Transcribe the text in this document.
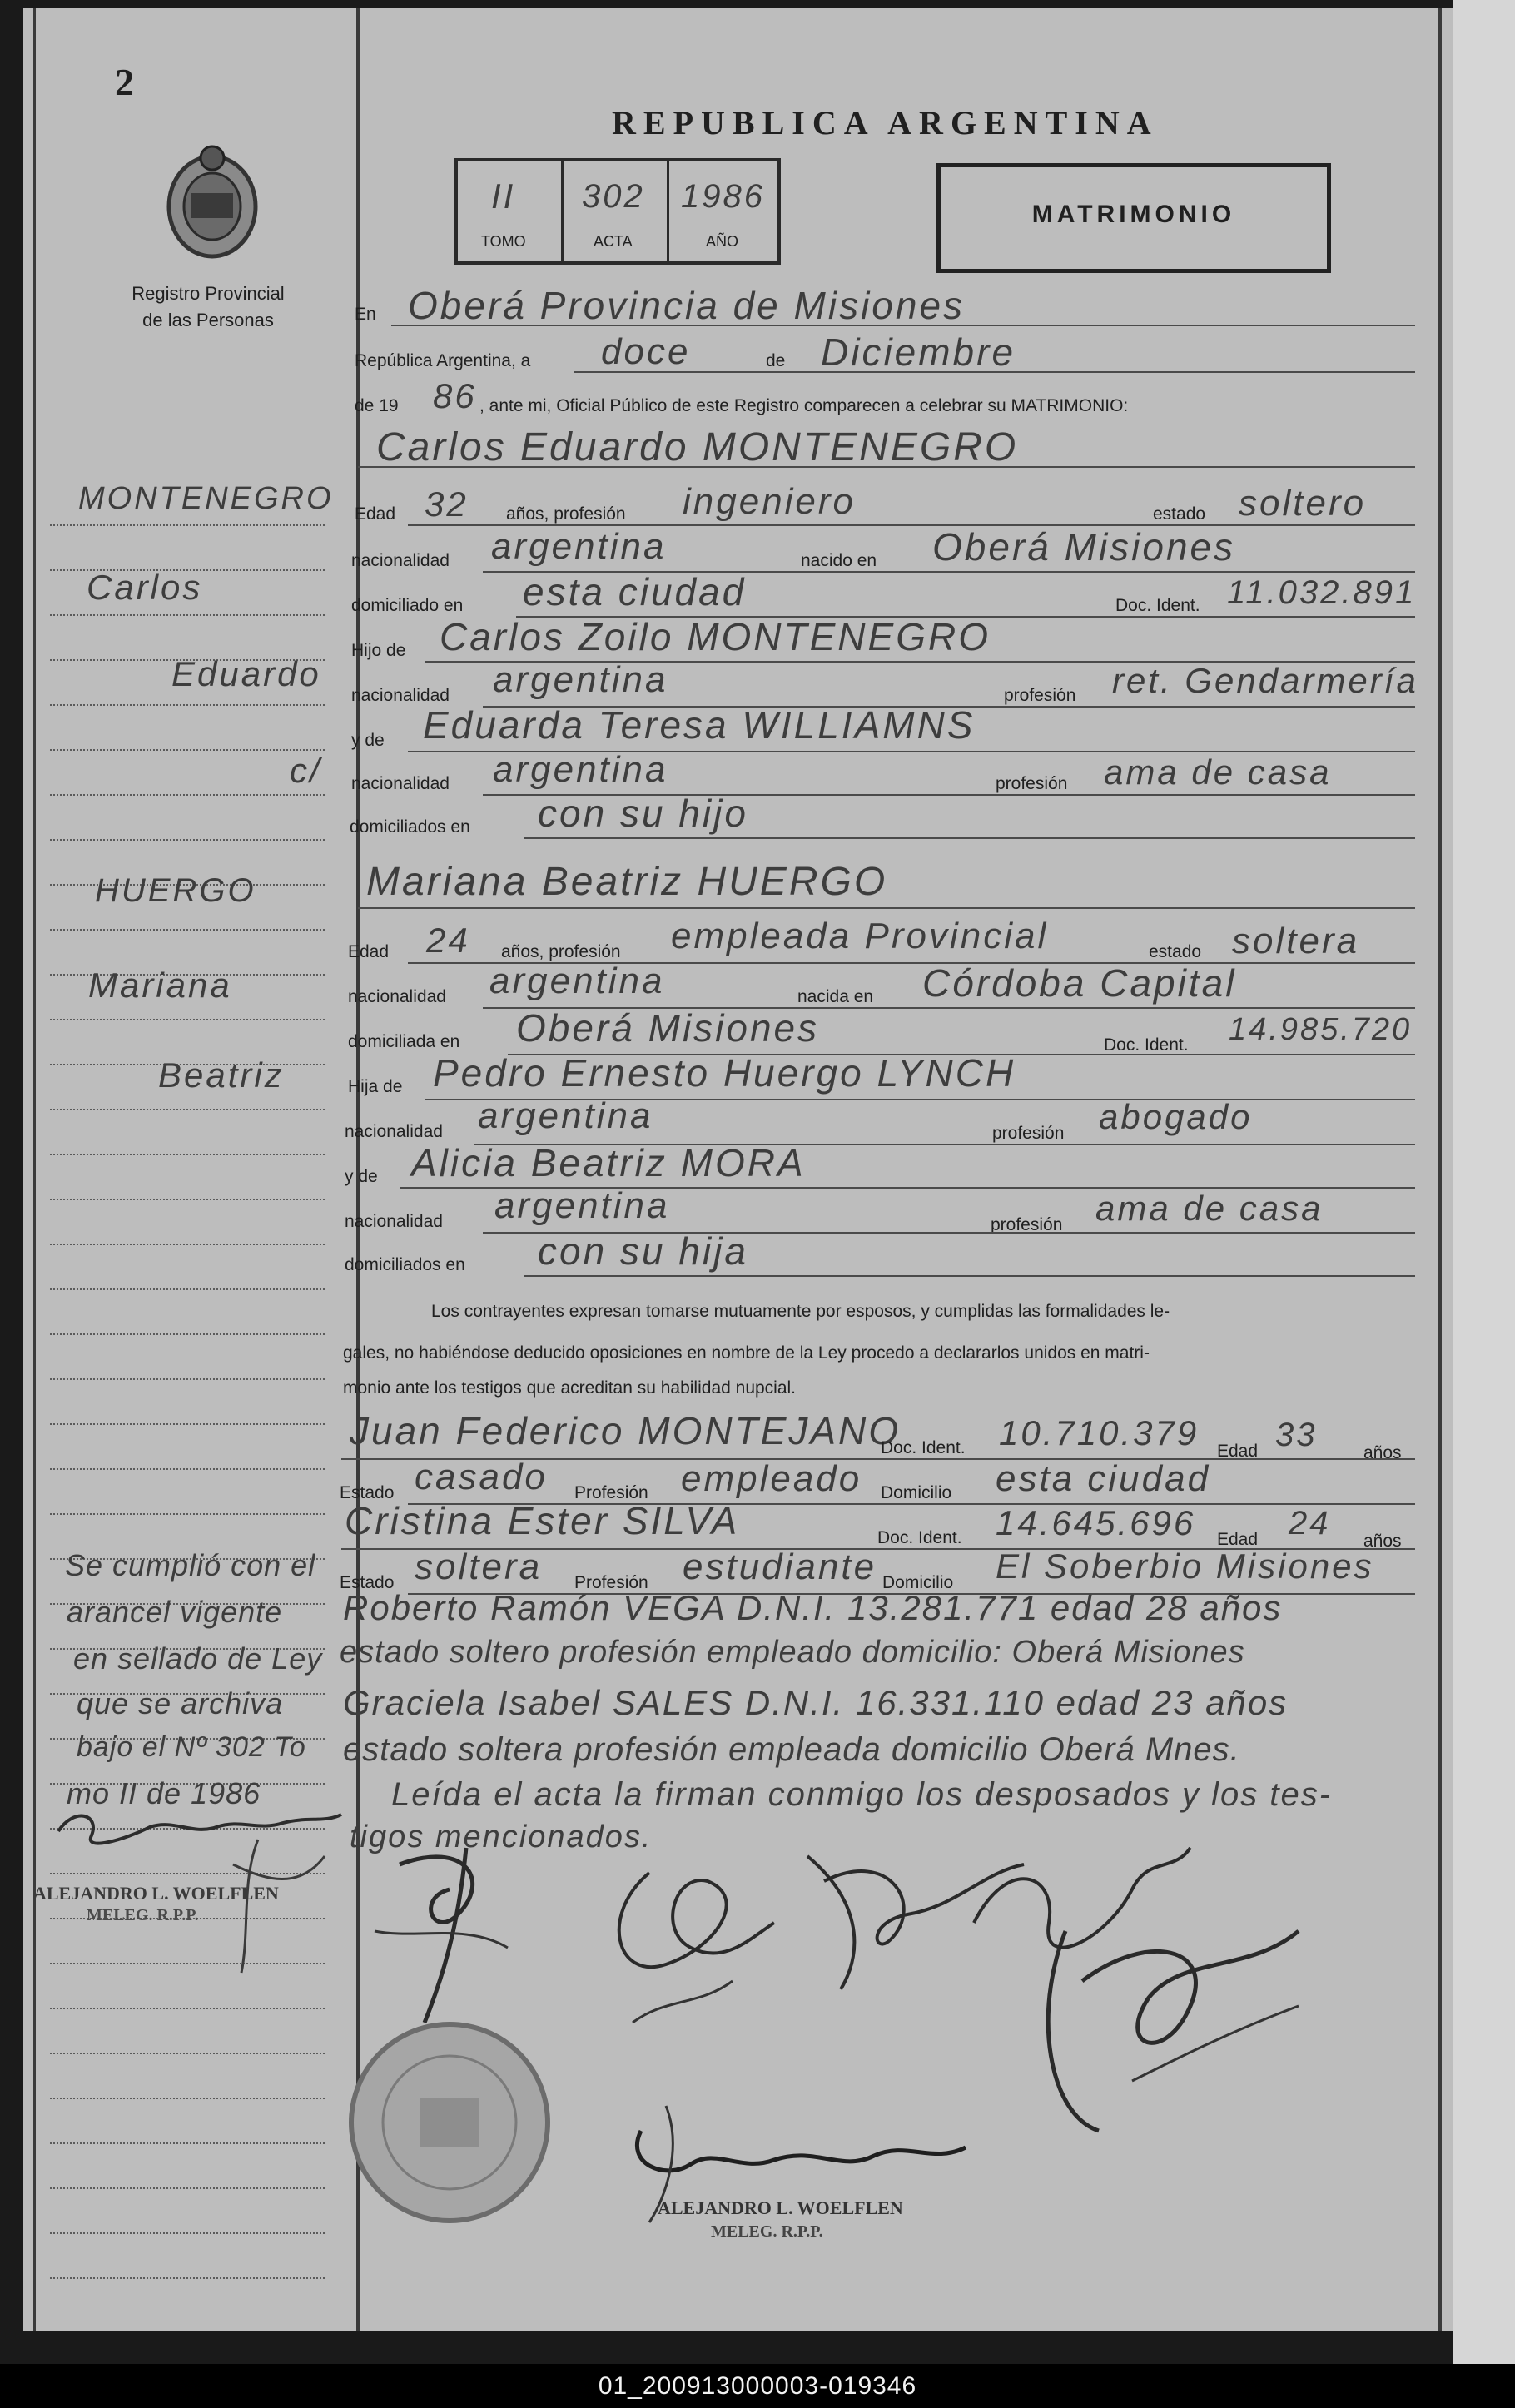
2
Registro Provincial
de las Personas
REPUBLICA ARGENTINA
II
TOMO
302
ACTA
1986
AÑO
MATRIMONIO
En Oberá Provincia de Misiones
República Argentina, a doce	de Diciembre
de 19 86 , ante mi, Oficial Público de este Registro comparecen a celebrar su MATRIMONIO:
Carlos Eduardo MONTENEGRO
Edad 32 años, profesión ingeniero	estado soltero
nacionalidad argentina	nacido en Oberá Misiones
domiciliado en esta ciudad	Doc. Ident. 11.032.891
Hijo de Carlos Zoilo MONTENEGRO
nacionalidad argentina	profesión ret. Gendarmería
y de Eduarda Teresa WILLIAMNS
nacionalidad argentina	profesión ama de casa
domiciliados en con su hijo
Mariana Beatriz HUERGO
Edad 24 años, profesión empleada Provincial	estado soltera
nacionalidad argentina	nacida en Córdoba Capital
domiciliada en Oberá Misiones	Doc. Ident. 14.985.720
Hija de Pedro Ernesto Huergo LYNCH
nacionalidad argentina	profesión abogado
y de Alicia Beatriz MORA
nacionalidad argentina	profesión ama de casa
domiciliados en con su hija
Los contrayentes expresan tomarse mutuamente por esposos, y cumplidas las formalidades le-
gales, no habiéndose deducido oposiciones en nombre de la Ley procedo a declararlos unidos en matri-
monio ante los testigos que acreditan su habilidad nupcial.
Juan Federico MONTEJANO
Doc. Ident. 10.710.379 Edad 33	años
Estado casado Profesión empleado Domicilio esta ciudad
Cristina Ester SILVA	Doc. Ident. 14.645.696 Edad 24 años
Estado soltera Profesión estudiante Domicilio El Soberbio Misiones
Roberto Ramón VEGA D.N.I. 13.281.771 edad 28 años
estado soltero profesión empleado domicilio: Oberá Misiones
Graciela Isabel SALES D.N.I. 16.331.110 edad 23 años
estado soltera profesión empleada domicilio Oberá Mnes.
Leída el acta la firman conmigo los desposados y los tes-
tigos mencionados.
MONTENEGRO
Carlos
Eduardo
c/
HUERGO
Mariana
Beatriz
Se cumplió con el
arancel vigente
en sellado de Ley
que se archiva
bajo el Nº 302 To
mo II de 1986
ALEJANDRO L. WOELFLEN
MELEG. R.P.P.
ALEJANDRO L. WOELFLEN
MELEG. R.P.P.
01_200913000003-019346
